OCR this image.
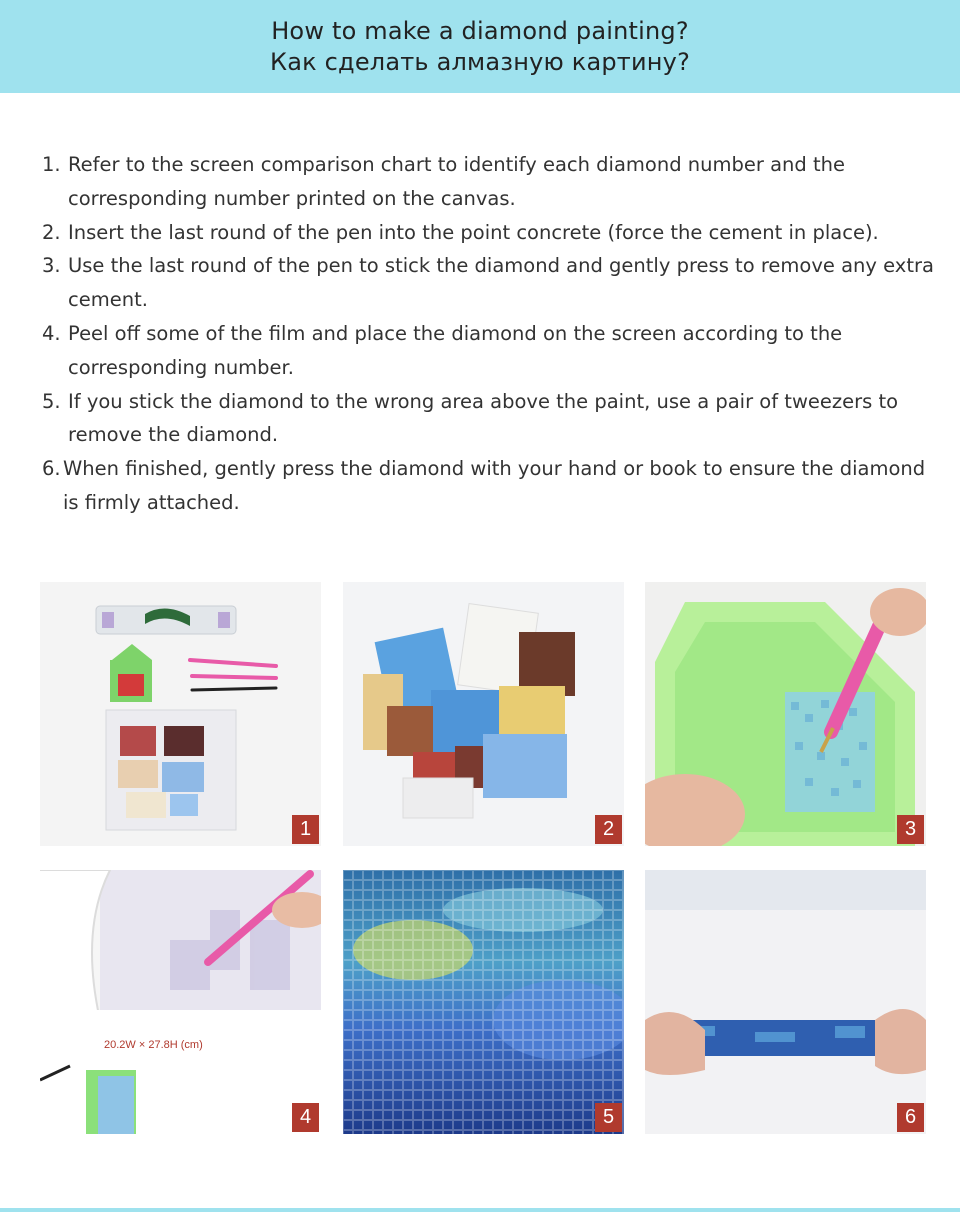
How to make a diamond painting?
Как сделать алмазную картину?
1. Refer to the screen comparison chart to identify each diamond number and the corresponding number printed on the canvas.
2. Insert the last round of the pen into the point concrete (force the cement in place).
3. Use the last round of the pen to stick the diamond and gently press to remove any extra cement.
4. Peel off some of the film and place the diamond on the screen according to the corresponding number.
5. If you stick the diamond to the wrong area above the paint, use a pair of tweezers to remove the diamond.
6. When finished, gently press the diamond with your hand or book to ensure the diamond is firmly attached.
1	2	3
20.2W × 27.8H (cm)
4	5	6
